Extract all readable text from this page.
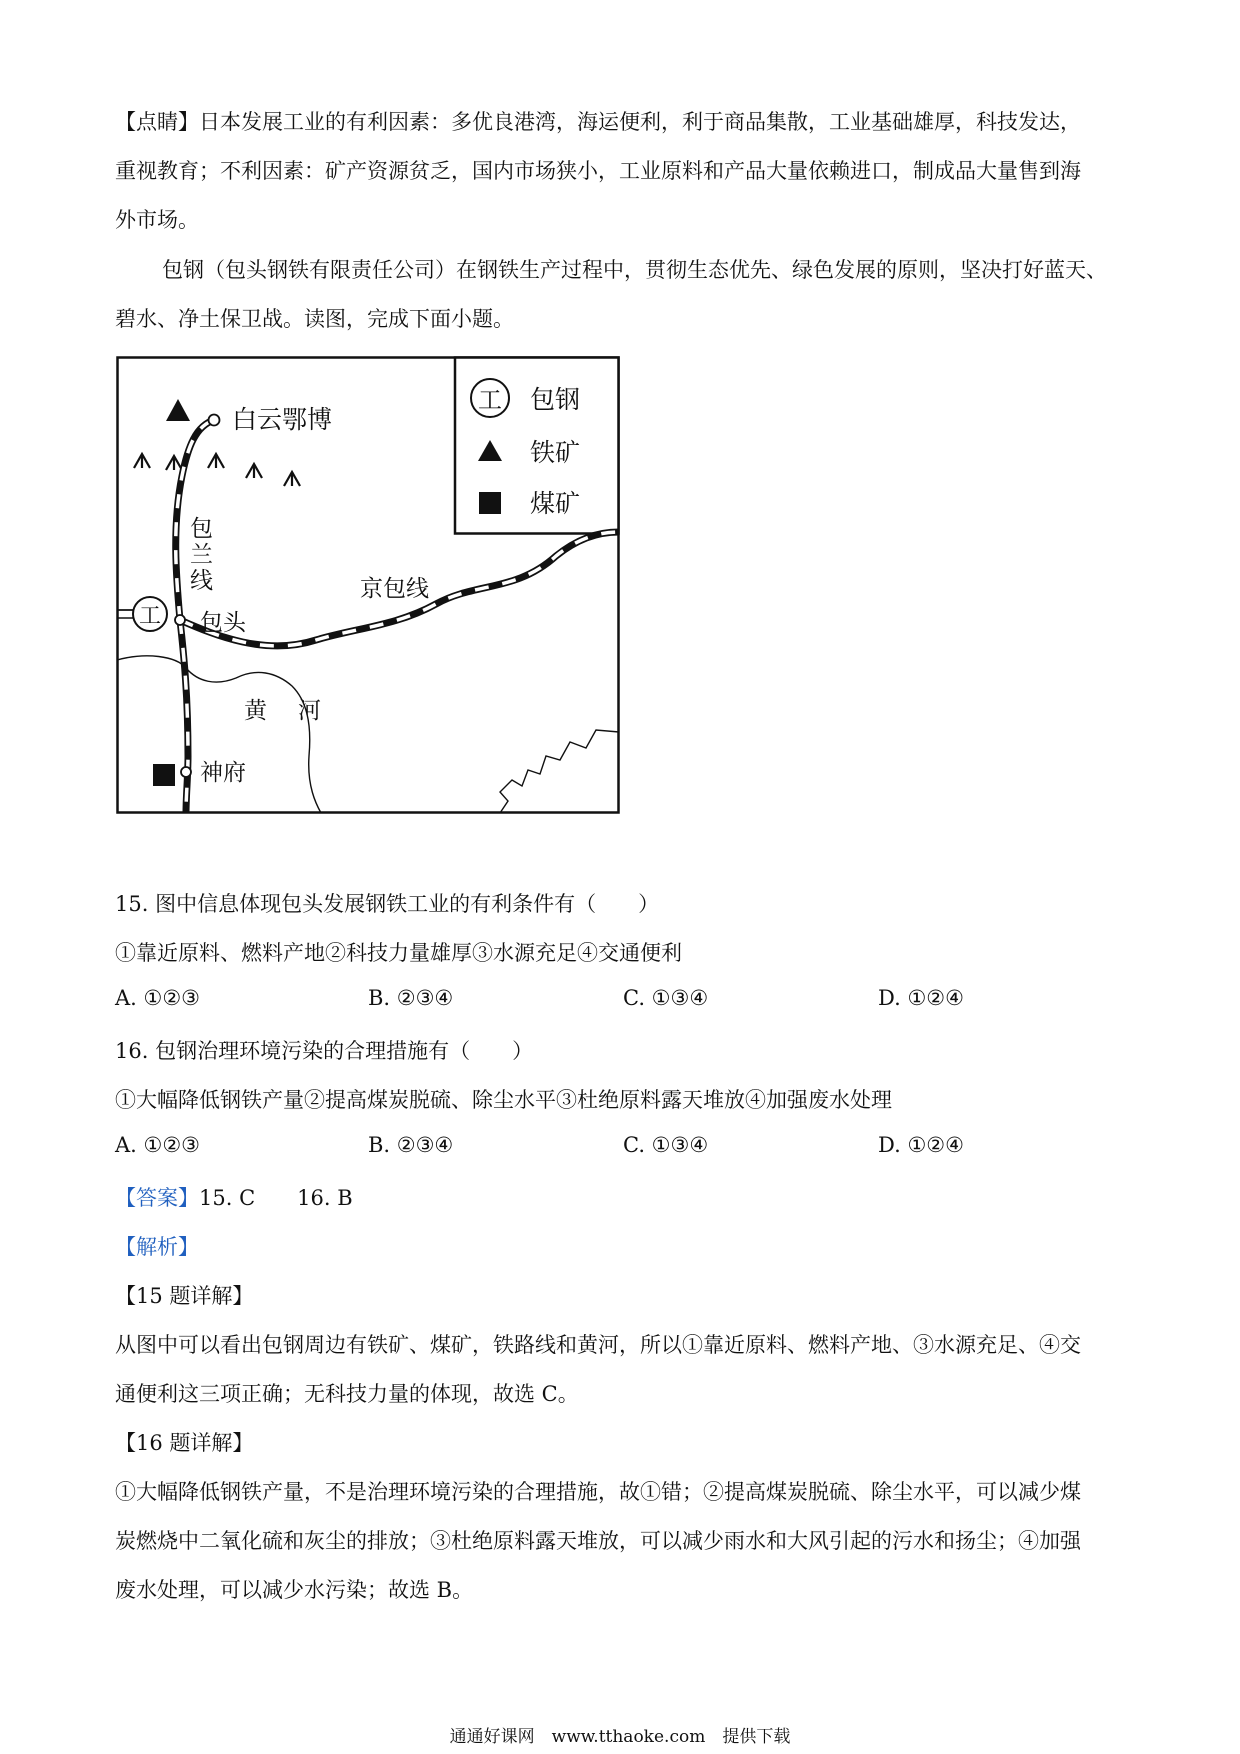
【点睛】日本发展工业的有利因素：多优良港湾，海运便利，利于商品集散，工业基础雄厚，科技发达，
重视教育；不利因素：矿产资源贫乏，国内市场狭小，工业原料和产品大量依赖进口，制成品大量售到海
外市场。
包钢（包头钢铁有限责任公司）在钢铁生产过程中，贯彻生态优先、绿色发展的原则，坚决打好蓝天、
碧水、净土保卫战。读图，完成下面小题。
工 包钢
铁矿
煤矿
工
白云鄂博
包
兰
线	京包线
包头
黄 河
神府
15. 图中信息体现包头发展钢铁工业的有利条件有（　　）
①靠近原料、燃料产地②科技力量雄厚③水源充足④交通便利
A. ①②③	B. ②③④	C. ①③④	D. ①②④
16. 包钢治理环境污染的合理措施有（　　）
①大幅降低钢铁产量②提高煤炭脱硫、除尘水平③杜绝原料露天堆放④加强废水处理
A. ①②③	B. ②③④	C. ①③④	D. ①②④
【答案】15. C　　16. B
【解析】
【15 题详解】
从图中可以看出包钢周边有铁矿、煤矿，铁路线和黄河，所以①靠近原料、燃料产地、③水源充足、④交
通便利这三项正确；无科技力量的体现，故选 C。
【16 题详解】
①大幅降低钢铁产量，不是治理环境污染的合理措施，故①错；②提高煤炭脱硫、除尘水平，可以减少煤
炭燃烧中二氧化硫和灰尘的排放；③杜绝原料露天堆放，可以减少雨水和大风引起的污水和扬尘；④加强
废水处理，可以减少水污染；故选 B。
通通好课网　www.tthaoke.com　提供下载
